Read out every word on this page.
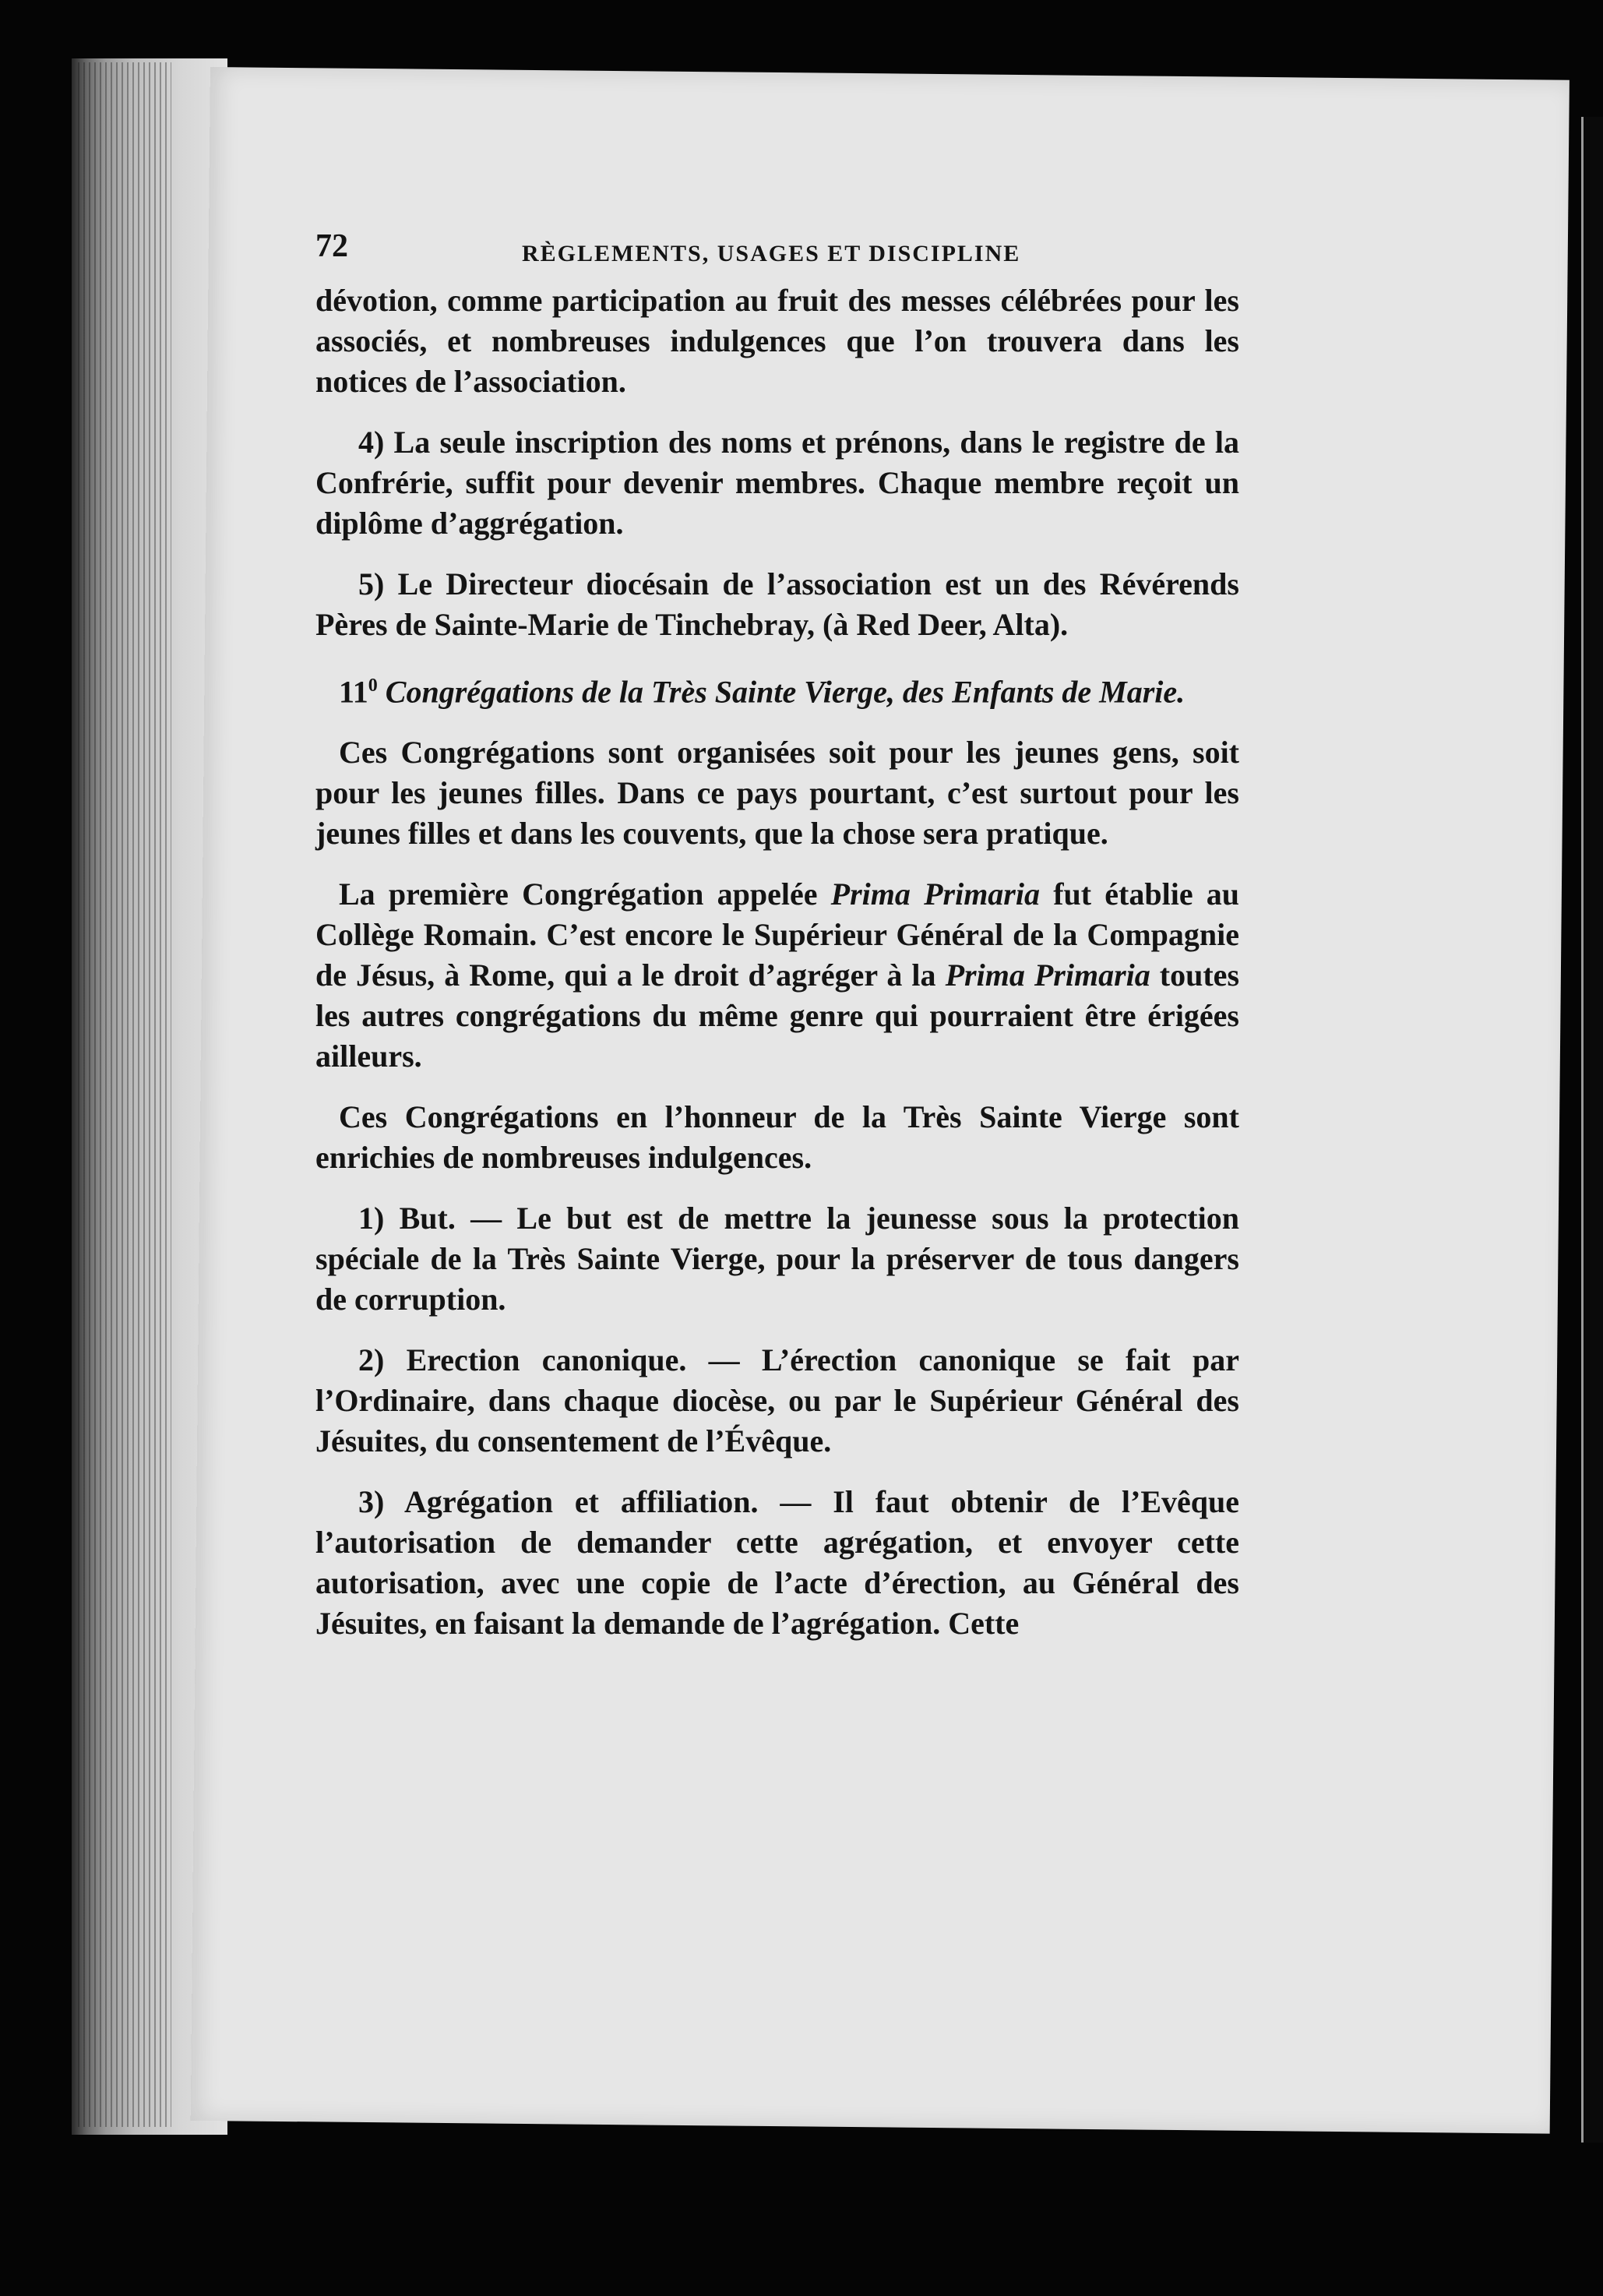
72	RÈGLEMENTS, USAGES ET DISCIPLINE

dévotion, comme participation au fruit des messes célébrées pour les associés, et nombreuses indulgences que l’on trouvera dans les notices de l’association.

4) La seule inscription des noms et prénons, dans le registre de la Confrérie, suffit pour devenir membres. Chaque membre reçoit un diplôme d’aggrégation.

5) Le Directeur diocésain de l’association est un des Révérends Pères de Sainte-Marie de Tinchebray, (à Red Deer, Alta).

$11^0$ Congrégations de la Très Sainte Vierge, des Enfants de Marie.

Ces Congrégations sont organisées soit pour les jeunes gens, soit pour les jeunes filles. Dans ce pays pourtant, c’est surtout pour les jeunes filles et dans les couvents, que la chose sera pratique.

La première Congrégation appelée Prima Primaria fut établie au Collège Romain. C’est encore le Supérieur Général de la Compagnie de Jésus, à Rome, qui a le droit d’agréger à la Prima Primaria toutes les autres congrégations du même genre qui pourraient être érigées ailleurs.

Ces Congrégations en l’honneur de la Très Sainte Vierge sont enrichies de nombreuses indulgences.

1) But. — Le but est de mettre la jeunesse sous la protection spéciale de la Très Sainte Vierge, pour la préserver de tous dangers de corruption.

2) Erection canonique. — L’érection canonique se fait par l’Ordinaire, dans chaque diocèse, ou par le Supérieur Général des Jésuites, du consentement de l’Évêque.

3) Agrégation et affiliation. — Il faut obtenir de l’Evêque l’autorisation de demander cette agrégation, et envoyer cette autorisation, avec une copie de l’acte d’érection, au Général des Jésuites, en faisant la demande de l’agrégation. Cette
